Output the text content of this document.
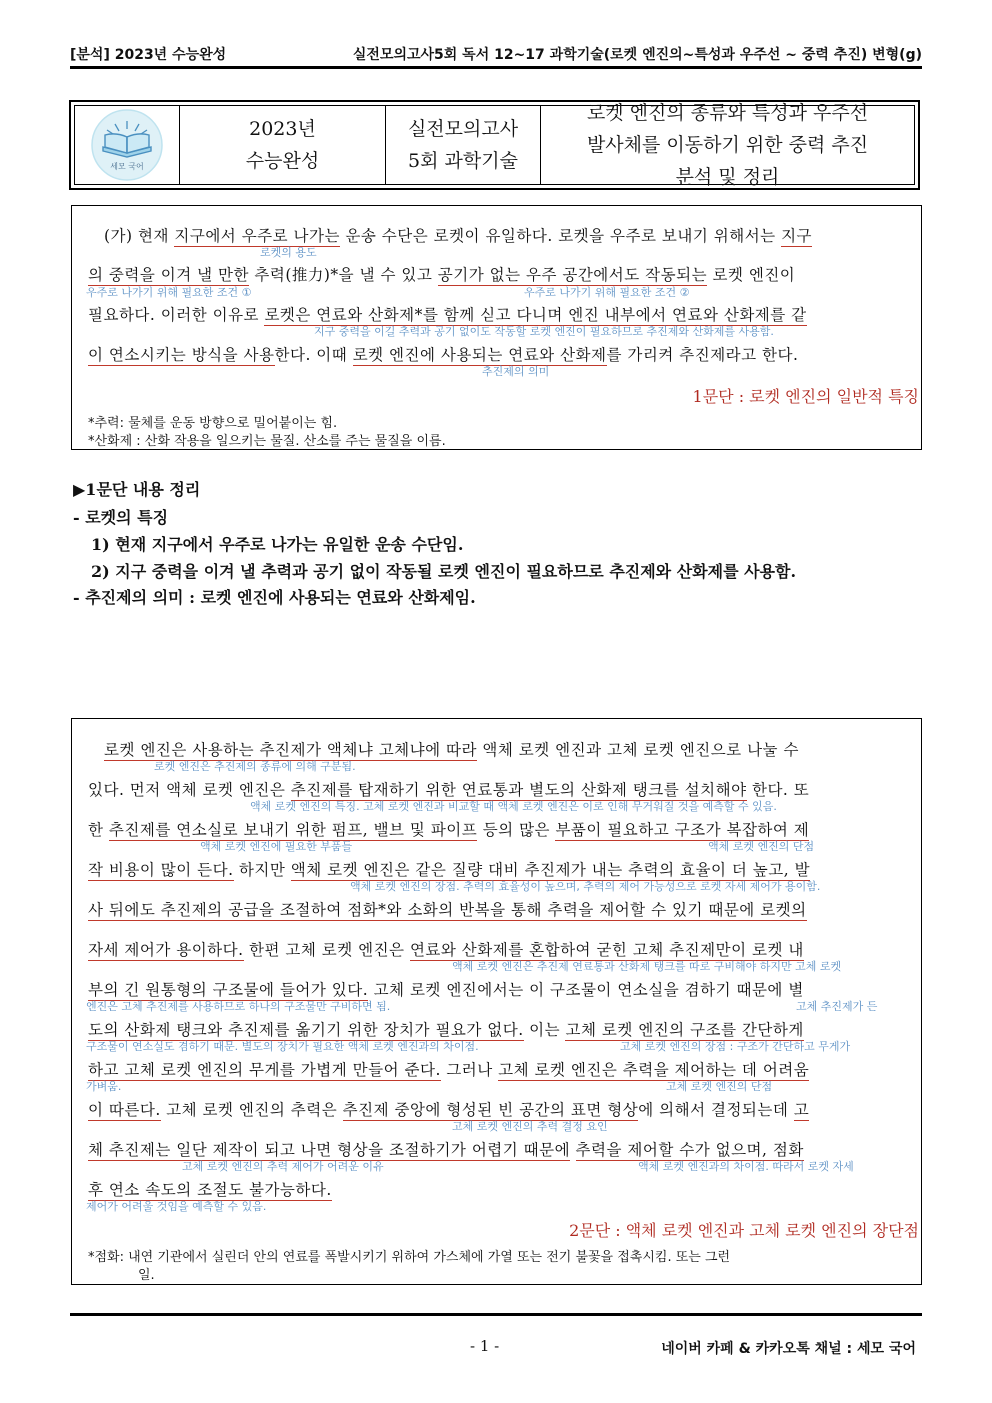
[분석] 2023년 수능완성	실전모의고사5회 독서 12~17 과학기술(로켓 엔진의~특성과 우주선 ~ 중력 추진) 변형(g)
세모 국어
2023년
수능완성
실전모의고사
5회 과학기술
로켓 엔진의 종류와 특성과 우주선
발사체를 이동하기 위한 중력 추진
분석 및 정리
(가) 현재 지구에서 우주로 나가는 운송 수단은 로켓이 유일하다. 로켓을 우주로 보내기 위해서는 지구
로켓의 용도
의 중력을 이겨 낼 만한 추력(推力)*을 낼 수 있고 공기가 없는 우주 공간에서도 작동되는 로켓 엔진이
우주로 나가기 위해 필요한 조건 ①	우주로 나가기 위해 필요한 조건 ②
필요하다. 이러한 이유로 로켓은 연료와 산화제*를 함께 싣고 다니며 엔진 내부에서 연료와 산화제를 같
지구 중력을 이길 추력과 공기 없이도 작동할 로켓 엔진이 필요하므로 추진제와 산화제를 사용함.
이 연소시키는 방식을 사용한다. 이때 로켓 엔진에 사용되는 연료와 산화제를 가리켜 추진제라고 한다.
추진제의 의미
1문단 : 로켓 엔진의 일반적 특징
*추력: 물체를 운동 방향으로 밀어붙이는 힘.
*산화제 : 산화 작용을 일으키는 물질. 산소를 주는 물질을 이름.
▶1문단 내용 정리
- 로켓의 특징
1) 현재 지구에서 우주로 나가는 유일한 운송 수단임.
2) 지구 중력을 이겨 낼 추력과 공기 없이 작동될 로켓 엔진이 필요하므로 추진제와 산화제를 사용함.
- 추진제의 의미 : 로켓 엔진에 사용되는 연료와 산화제임.
로켓 엔진은 사용하는 추진제가 액체냐 고체냐에 따라 액체 로켓 엔진과 고체 로켓 엔진으로 나눌 수
로켓 엔진은 추진제의 종류에 의해 구분됨.
있다. 먼저 액체 로켓 엔진은 추진제를 탑재하기 위한 연료통과 별도의 산화제 탱크를 설치해야 한다. 또
액체 로켓 엔진의 특징. 고체 로켓 엔진과 비교할 때 액체 로켓 엔진은 이로 인해 무거워질 것을 예측할 수 있음.
한 추진제를 연소실로 보내기 위한 펌프, 밸브 및 파이프 등의 많은 부품이 필요하고 구조가 복잡하여 제
액체 로켓 엔진에 필요한 부품들	액체 로켓 엔진의 단점
작 비용이 많이 든다. 하지만 액체 로켓 엔진은 같은 질량 대비 추진제가 내는 추력의 효율이 더 높고, 발
액체 로켓 엔진의 장점. 추력의 효율성이 높으며, 추력의 제어 가능성으로 로켓 자세 제어가 용이함.
사 뒤에도 추진제의 공급을 조절하여 점화*와 소화의 반복을 통해 추력을 제어할 수 있기 때문에 로켓의
자세 제어가 용이하다. 한편 고체 로켓 엔진은 연료와 산화제를 혼합하여 굳힌 고체 추진제만이 로켓 내
액체 로켓 엔진은 추진제 연료통과 산화제 탱크를 따로 구비해야 하지만 고체 로켓
부의 긴 원통형의 구조물에 들어가 있다. 고체 로켓 엔진에서는 이 구조물이 연소실을 겸하기 때문에 별
엔진은 고체 추진제를 사용하므로 하나의 구조물만 구비하면 됨.	고체 추진제가 든
도의 산화제 탱크와 추진제를 옮기기 위한 장치가 필요가 없다. 이는 고체 로켓 엔진의 구조를 간단하게
구조물이 연소실도 겸하기 때문. 별도의 장치가 필요한 액체 로켓 엔진과의 차이점.	고체 로켓 엔진의 장점 : 구조가 간단하고 무게가
하고 고체 로켓 엔진의 무게를 가볍게 만들어 준다. 그러나 고체 로켓 엔진은 추력을 제어하는 데 어려움
가벼움.	고체 로켓 엔진의 단점
이 따른다. 고체 로켓 엔진의 추력은 추진제 중앙에 형성된 빈 공간의 표면 형상에 의해서 결정되는데 고
고체 로켓 엔진의 추력 결정 요인
체 추진제는 일단 제작이 되고 나면 형상을 조절하기가 어렵기 때문에 추력을 제어할 수가 없으며, 점화
고체 로켓 엔진의 추력 제어가 어려운 이유	액체 로켓 엔진과의 차이점. 따라서 로켓 자세
후 연소 속도의 조절도 불가능하다.
제어가 어려울 것임을 예측할 수 있음.
2문단 : 액체 로켓 엔진과 고체 로켓 엔진의 장단점
*점화: 내연 기관에서 실린더 안의 연료를 폭발시키기 위하여 가스체에 가열 또는 전기 불꽃을 접촉시킴. 또는 그런
일.
- 1 -	네이버 카페 & 카카오톡 채널 : 세모 국어
